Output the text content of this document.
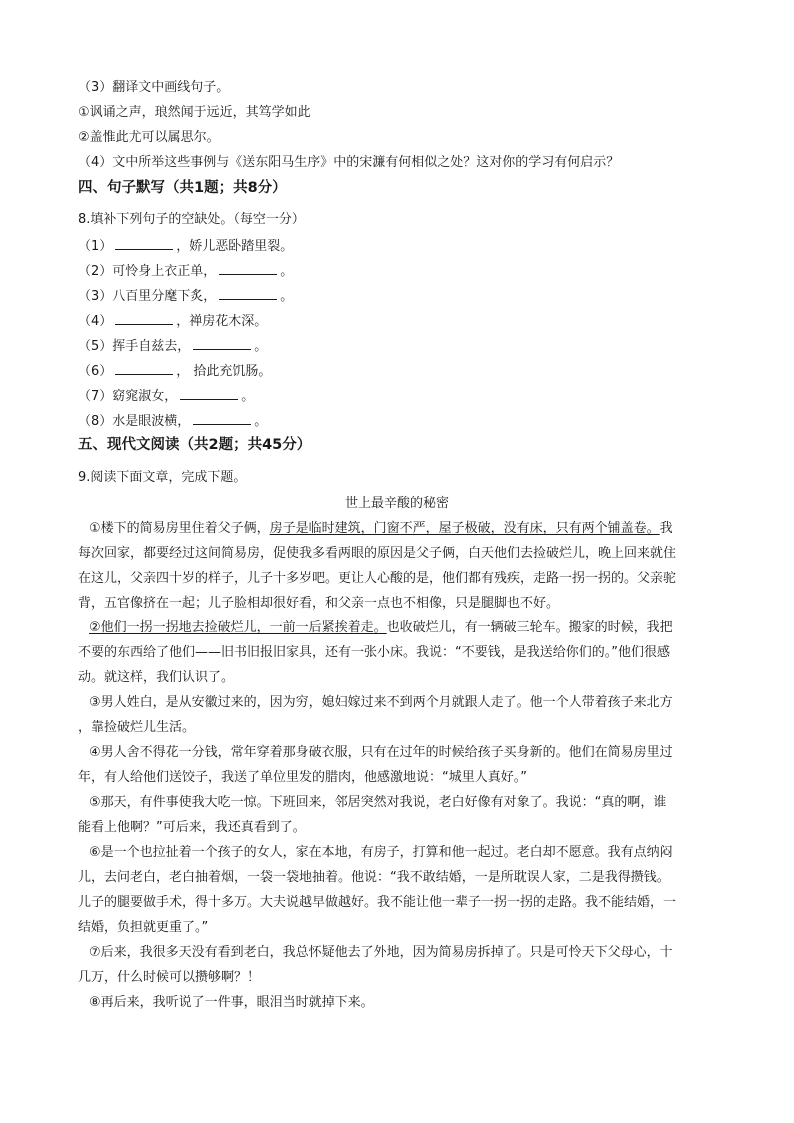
（3）翻译文中画线句子。
①讽诵之声，琅然闻于远近，其笃学如此
②盖惟此尤可以属思尔。
（4）文中所举这些事例与《送东阳马生序》中的宋濂有何相似之处？这对你的学习有何启示？
四、句子默写（共1题；共8分）
8.填补下列句子的空缺处。（每空一分）
（1）	，娇儿恶卧踏里裂。
（2）可怜身上衣正单，	。
（3）八百里分麾下炙，	。
（4）	，禅房花木深。
（5）挥手自兹去，	。
（6）	， 拾此充饥肠。
（7）窈窕淑女，	。
（8）水是眼波横，	。
五、现代文阅读（共2题；共45分）
9.阅读下面文章，完成下题。
世上最辛酸的秘密
①楼下的简易房里住着父子俩，房子是临时建筑，门窗不严，屋子极破，没有床，只有两个铺盖卷。我
每次回家，都要经过这间简易房，促使我多看两眼的原因是父子俩，白天他们去捡破烂儿，晚上回来就住
在这儿，父亲四十岁的样子，儿子十多岁吧。更让人心酸的是，他们都有残疾，走路一拐一拐的。父亲驼
背，五官像挤在一起；儿子脸相却很好看，和父亲一点也不相像，只是腿脚也不好。
②他们一拐一拐地去捡破烂儿，一前一后紧挨着走。也收破烂儿，有一辆破三轮车。搬家的时候，我把
不要的东西给了他们——旧书旧报旧家具，还有一张小床。我说：“不要钱，是我送给你们的。”他们很感
动。就这样，我们认识了。
③男人姓白，是从安徽过来的，因为穷，媳妇嫁过来不到两个月就跟人走了。他一个人带着孩子来北方
，靠捡破烂儿生活。
④男人舍不得花一分钱，常年穿着那身破衣服，只有在过年的时候给孩子买身新的。他们在简易房里过
年，有人给他们送饺子，我送了单位里发的腊肉，他感激地说：“城里人真好。”
⑤那天，有件事使我大吃一惊。下班回来，邻居突然对我说，老白好像有对象了。我说：“真的啊，谁
能看上他啊？”可后来，我还真看到了。
⑥是一个也拉扯着一个孩子的女人，家在本地，有房子，打算和他一起过。老白却不愿意。我有点纳闷
儿，去问老白，老白抽着烟，一袋一袋地抽着。他说：“我不敢结婚，一是所耽误人家，二是我得攒钱。
儿子的腿要做手术，得十多万。大夫说越早做越好。我不能让他一辈子一拐一拐的走路。我不能结婚，一
结婚，负担就更重了。”
⑦后来，我很多天没有看到老白，我总怀疑他去了外地，因为简易房拆掉了。只是可怜天下父母心，十
几万，什么时候可以攒够啊？！
⑧再后来，我听说了一件事，眼泪当时就掉下来。
